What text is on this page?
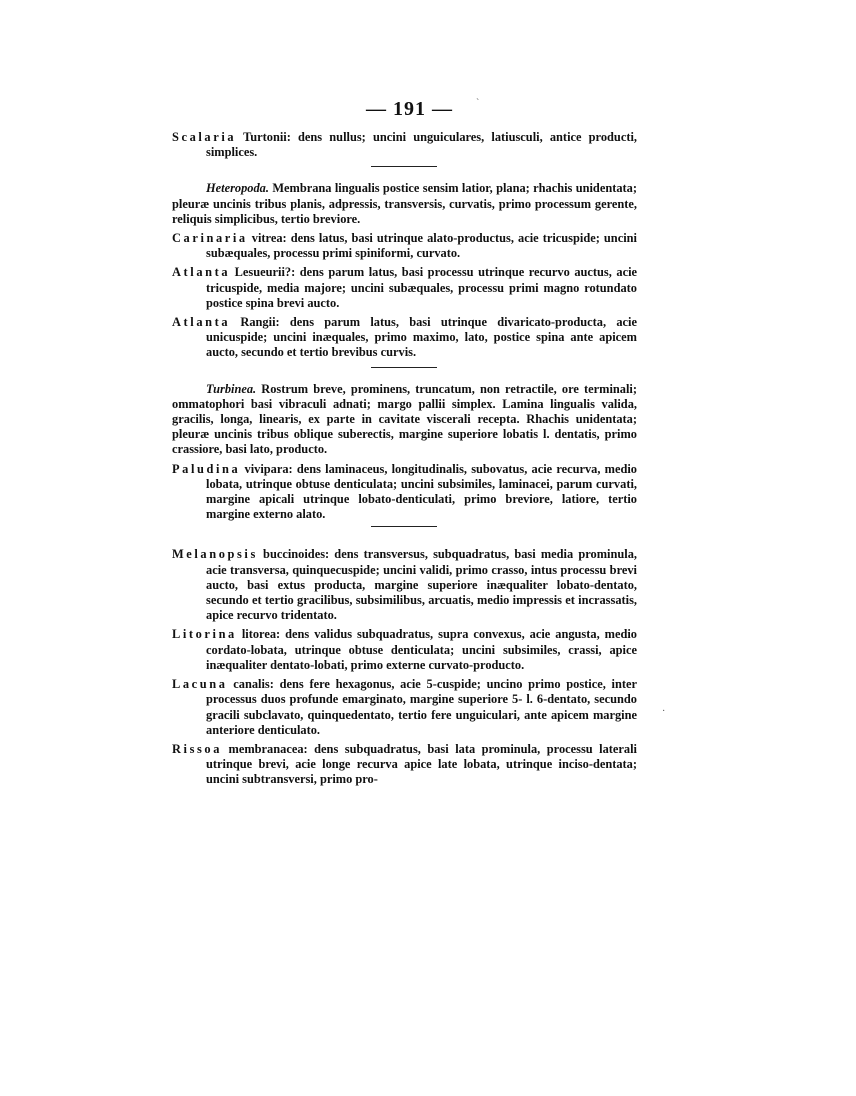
— 191 —

Scalaria Turtonii: dens nullus; uncini unguiculares, latiusculi, antice producti, simplices.

Heteropoda. Membrana lingualis postice sensim latior, plana; rhachis unidentata; pleuræ uncinis tribus planis, adpressis, transversis, curvatis, primo processum gerente, reliquis simplicibus, tertio breviore.

Carinaria vitrea: dens latus, basi utrinque alato-productus, acie tricuspide; uncini subæquales, processu primi spiniformi, curvato.

Atlanta Lesueurii?: dens parum latus, basi processu utrinque recurvo auctus, acie tricuspide, media majore; uncini subæquales, processu primi magno rotundato postice spina brevi aucto.

Atlanta Rangii: dens parum latus, basi utrinque divaricato-producta, acie unicuspide; uncini inæquales, primo maximo, lato, postice spina ante apicem aucto, secundo et tertio brevibus curvis.

Turbinea. Rostrum breve, prominens, truncatum, non retractile, ore terminali; ommatophori basi vibraculi adnati; margo pallii simplex. Lamina lingualis valida, gracilis, longa, linearis, ex parte in cavitate viscerali recepta. Rhachis unidentata; pleuræ uncinis tribus oblique suberectis, margine superiore lobatis l. dentatis, primo crassiore, basi lato, producto.

Paludina vivipara: dens laminaceus, longitudinalis, subovatus, acie recurva, medio lobata, utrinque obtuse denticulata; uncini subsimiles, laminacei, parum curvati, margine apicali utrinque lobato-denticulati, primo breviore, latiore, tertio margine externo alato.

Melanopsis buccinoides: dens transversus, subquadratus, basi media prominula, acie transversa, quinquecuspide; uncini validi, primo crasso, intus processu brevi aucto, basi extus producta, margine superiore inæqualiter lobato-dentato, secundo et tertio gracilibus, subsimilibus, arcuatis, medio impressis et incrassatis, apice recurvo tridentato.

Litorina litorea: dens validus subquadratus, supra convexus, acie angusta, medio cordato-lobata, utrinque obtuse denticulata; uncini subsimiles, crassi, apice inæqualiter dentato-lobati, primo externe curvato-producto.

Lacuna canalis: dens fere hexagonus, acie 5-cuspide; uncino primo postice, inter processus duos profunde emarginato, margine superiore 5- l. 6-dentato, secundo gracili subclavato, quinquedentato, tertio fere unguiculari, ante apicem margine anteriore denticulato.

Rissoa membranacea: dens subquadratus, basi lata prominula, processu laterali utrinque brevi, acie longe recurva apice late lobata, utrinque inciso-dentata; uncini subtransversi, primo pro-

ˋ
·
